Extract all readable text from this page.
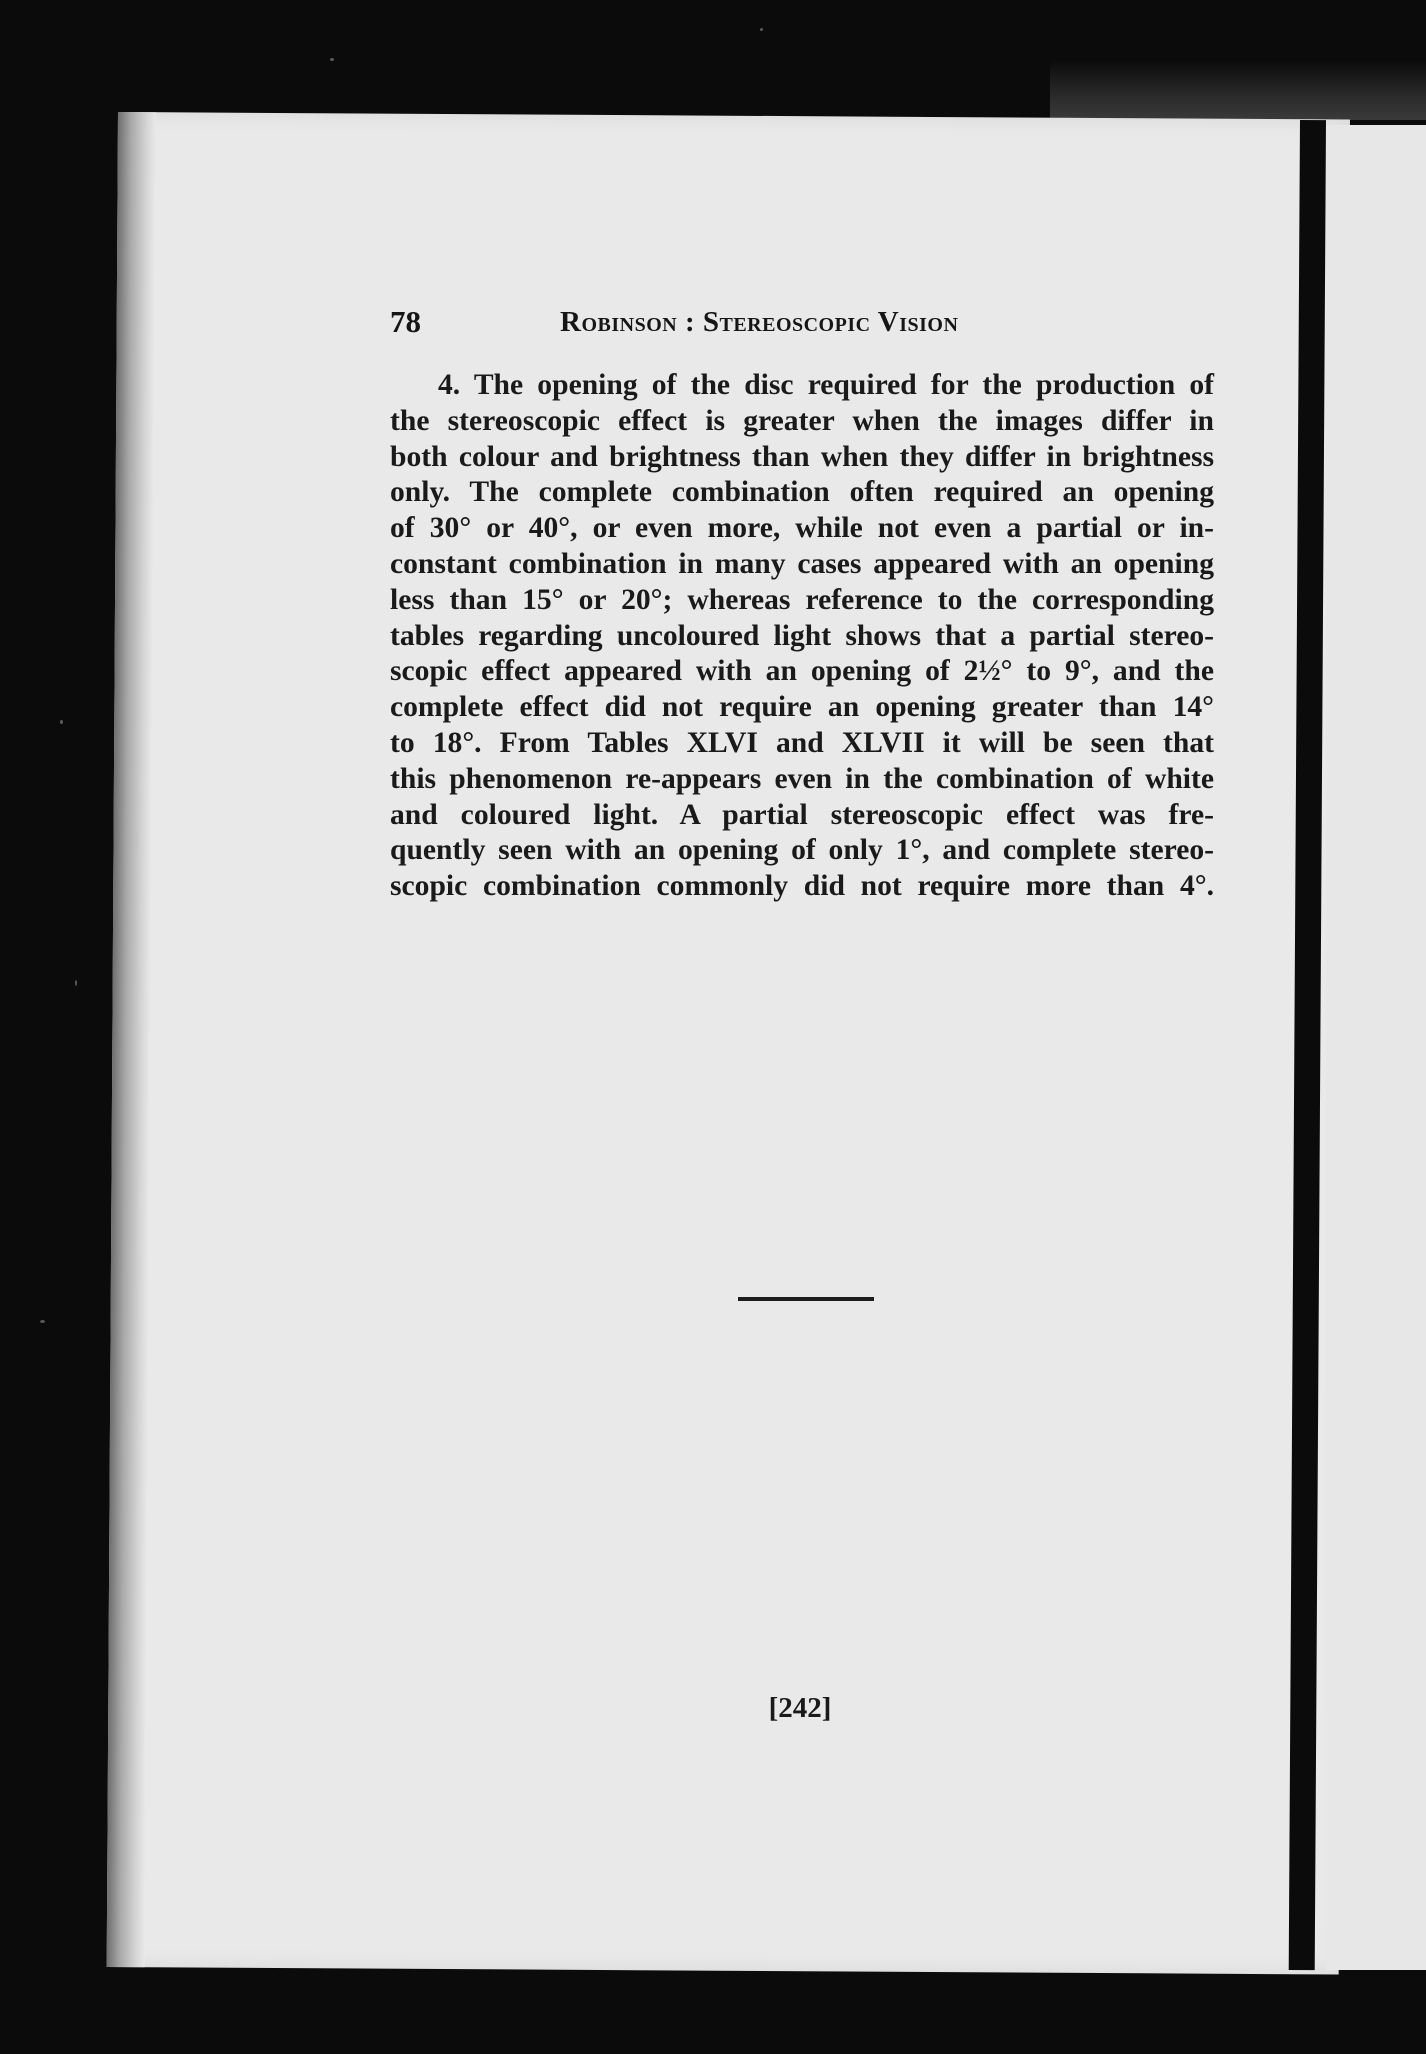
78	Robinson : Stereoscopic Vision
4. The opening of the disc required for the production of
the stereoscopic effect is greater when the images differ in
both colour and brightness than when they differ in brightness
only. The complete combination often required an opening
of 30° or 40°, or even more, while not even a partial or in-
constant combination in many cases appeared with an opening
less than 15° or 20°; whereas reference to the corresponding
tables regarding uncoloured light shows that a partial stereo-
scopic effect appeared with an opening of 2½° to 9°, and the
complete effect did not require an opening greater than 14°
to 18°. From Tables XLVI and XLVII it will be seen that
this phenomenon re-appears even in the combination of white
and coloured light. A partial stereoscopic effect was fre-
quently seen with an opening of only 1°, and complete stereo-
scopic combination commonly did not require more than 4°.
[242]
